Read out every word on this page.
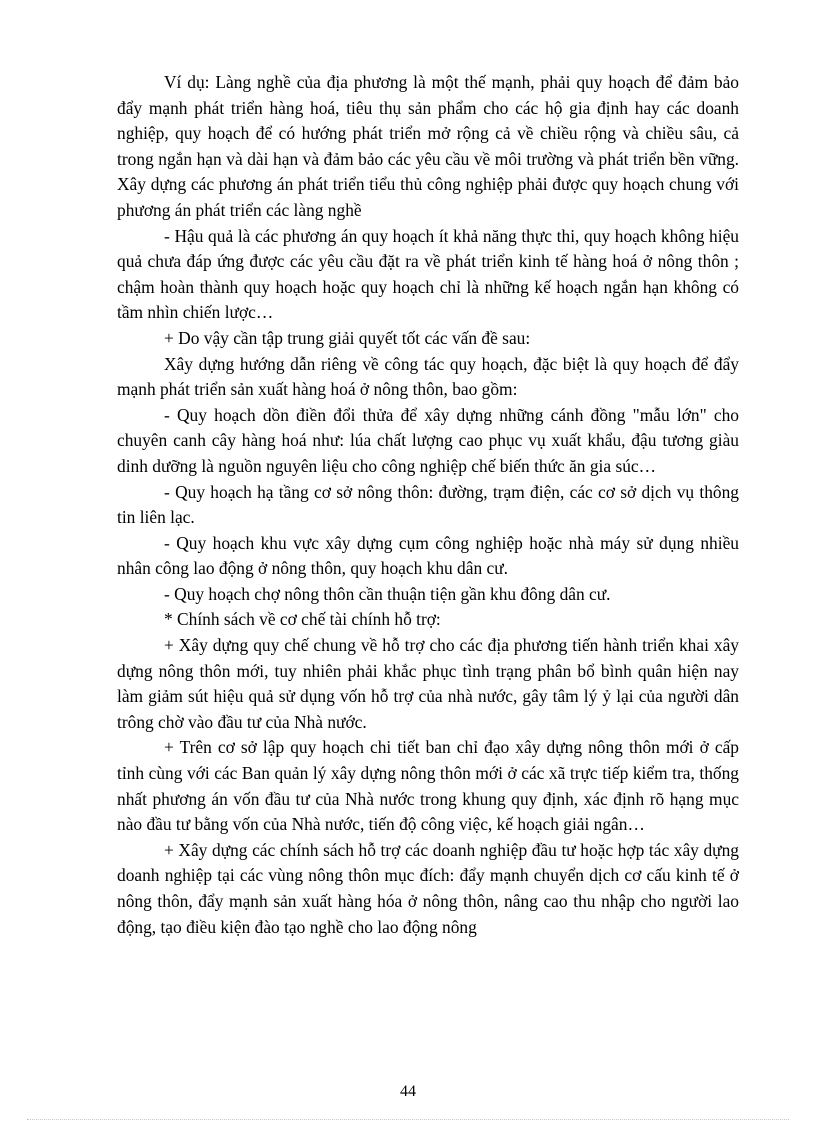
Ví dụ: Làng nghề của địa phương là một thế mạnh, phải quy hoạch để đảm bảo đẩy mạnh phát triển hàng hoá, tiêu thụ sản phẩm cho các hộ gia định hay các doanh nghiệp, quy hoạch để có hướng phát triển mở rộng cả về chiều rộng và chiều sâu, cả trong ngắn hạn và dài hạn và đảm bảo các yêu cầu về môi trường và phát triển bền vững. Xây dựng các phương án phát triển tiểu thủ công nghiệp phải được quy hoạch chung với phương án phát triển các làng nghề

- Hậu quả là các phương án quy hoạch ít khả năng thực thi, quy hoạch không hiệu quả chưa đáp ứng được các yêu cầu đặt ra về phát triển kinh tế hàng hoá ở nông thôn ; chậm hoàn thành quy hoạch hoặc quy hoạch chỉ là những kế hoạch ngắn hạn không có tầm nhìn chiến lược…

+ Do vậy cần tập trung giải quyết tốt các vấn đề sau:

Xây dựng hướng dẫn riêng về công tác quy hoạch, đặc biệt là quy hoạch để đẩy mạnh phát triển sản xuất hàng hoá ở nông thôn, bao gồm:

- Quy hoạch dồn điền đổi thửa để xây dựng những cánh đồng "mẫu lớn" cho chuyên canh cây hàng hoá như: lúa chất lượng cao phục vụ xuất khẩu, đậu tương giàu dinh dưỡng là nguồn nguyên liệu cho công nghiệp chế biến thức ăn gia súc…

- Quy hoạch hạ tầng cơ sở nông thôn: đường, trạm điện, các cơ sở dịch vụ thông tin liên lạc.

- Quy hoạch khu vực xây dựng cụm công nghiệp hoặc nhà máy sử dụng nhiều nhân công lao động ở nông thôn, quy hoạch khu dân cư.

- Quy hoạch chợ nông thôn cần thuận tiện gần khu đông dân cư.

* Chính sách về cơ chế tài chính hỗ trợ:

+ Xây dựng quy chế chung về hỗ trợ cho các địa phương tiến hành triển khai xây dựng nông thôn mới, tuy nhiên phải khắc phục tình trạng phân bổ bình quân hiện nay làm giảm sút hiệu quả sử dụng vốn hỗ trợ của nhà nước, gây tâm lý ỷ lại của người dân trông chờ vào đầu tư của Nhà nước.

+ Trên cơ sở lập quy hoạch chi tiết ban chỉ đạo xây dựng nông thôn mới ở cấp tỉnh cùng với các Ban quản lý xây dựng nông thôn mới ở các xã trực tiếp kiểm tra, thống nhất phương án vốn đầu tư của Nhà nước trong khung quy định, xác định rõ hạng mục nào đầu tư bằng vốn của Nhà nước, tiến độ công việc, kế hoạch giải ngân…

+ Xây dựng các chính sách hỗ trợ các doanh nghiệp đầu tư hoặc hợp tác xây dựng doanh nghiệp tại các vùng nông thôn mục đích: đẩy mạnh chuyển dịch cơ cấu kinh tế ở nông thôn, đẩy mạnh sản xuất hàng hóa ở nông thôn, nâng cao thu nhập cho người lao động, tạo điều kiện đào tạo nghề cho lao động nông

44
